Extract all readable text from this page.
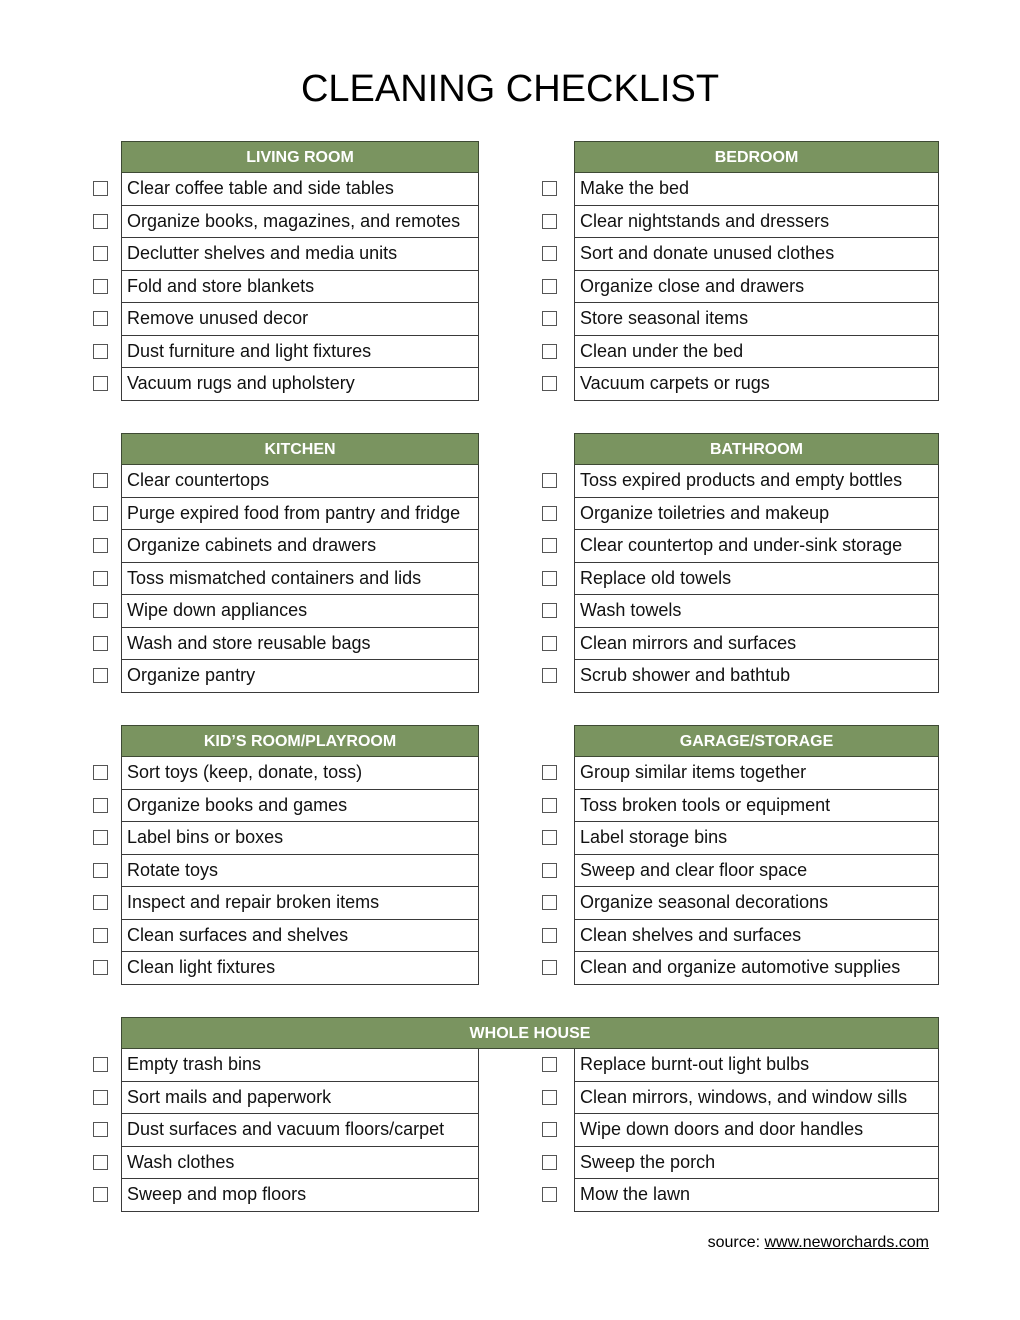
CLEANING CHECKLIST
LIVING ROOM
Clear coffee table and side tables
Organize books, magazines, and remotes
Declutter shelves and media units
Fold and store blankets
Remove unused decor
Dust furniture and light fixtures
Vacuum rugs and upholstery
BEDROOM
Make the bed
Clear nightstands and dressers
Sort and donate unused clothes
Organize close and drawers
Store seasonal items
Clean under the bed
Vacuum carpets or rugs
KITCHEN
Clear countertops
Purge expired food from pantry and fridge
Organize cabinets and drawers
Toss mismatched containers and lids
Wipe down appliances
Wash and store reusable bags
Organize pantry
BATHROOM
Toss expired products and empty bottles
Organize toiletries and makeup
Clear countertop and under-sink storage
Replace old towels
Wash towels
Clean mirrors and surfaces
Scrub shower and bathtub
KID’S ROOM/PLAYROOM
Sort toys (keep, donate, toss)
Organize books and games
Label bins or boxes
Rotate toys
Inspect and repair broken items
Clean surfaces and shelves
Clean light fixtures
GARAGE/STORAGE
Group similar items together
Toss broken tools or equipment
Label storage bins
Sweep and clear floor space
Organize seasonal decorations
Clean shelves and surfaces
Clean and organize automotive supplies
WHOLE HOUSE
Empty trash bins
Sort mails and paperwork
Dust surfaces and vacuum floors/carpet
Wash clothes
Sweep and mop floors
Replace burnt-out light bulbs
Clean mirrors, windows, and window sills
Wipe down doors and door handles
Sweep the porch
Mow the lawn
source: www.neworchards.com
